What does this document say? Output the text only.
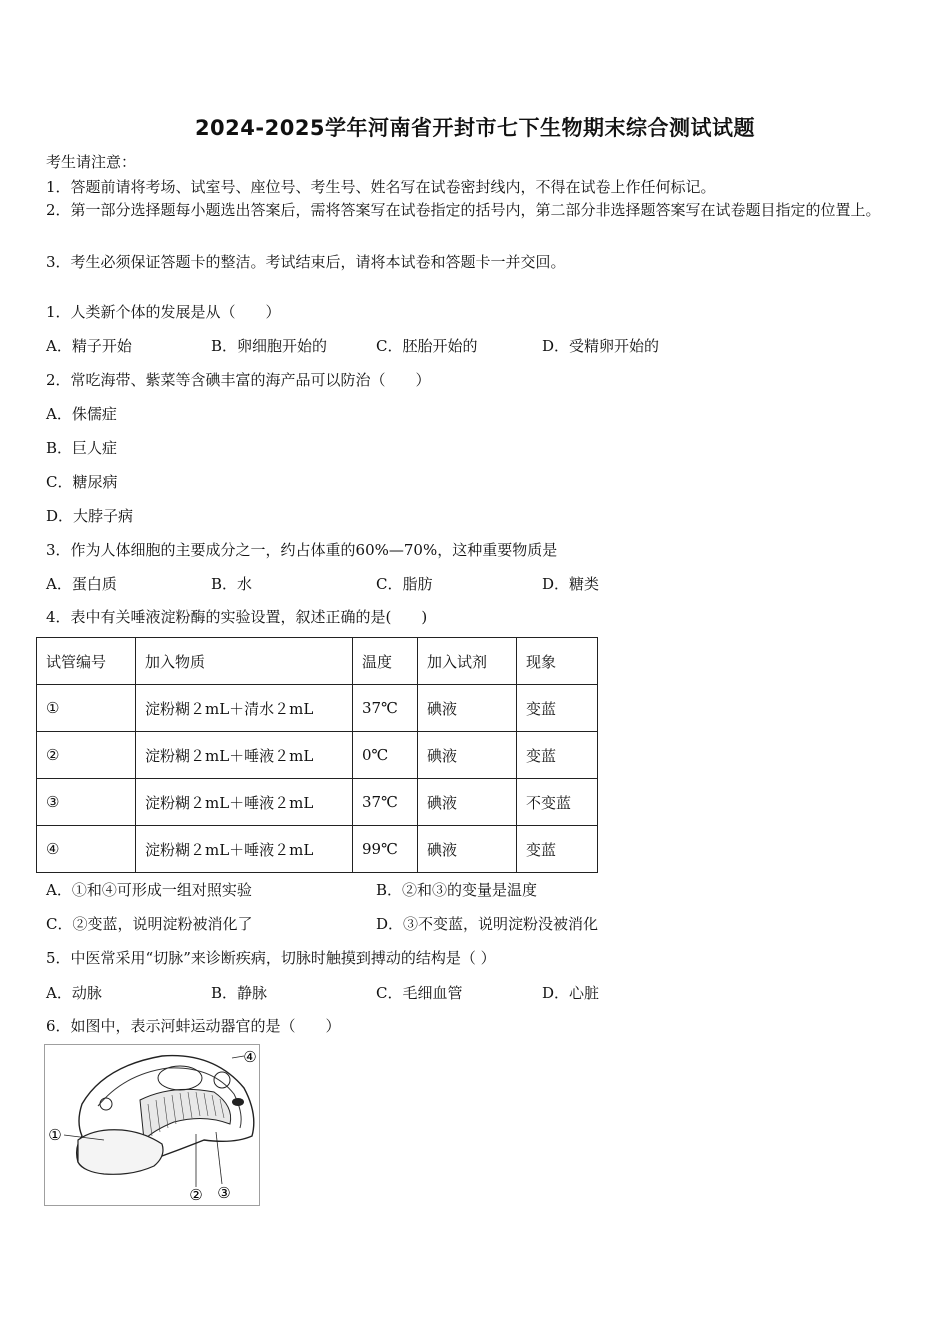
2024-2025学年河南省开封市七下生物期末综合测试试题
考生请注意：
1．答题前请将考场、试室号、座位号、考生号、姓名写在试卷密封线内，不得在试卷上作任何标记。
2．第一部分选择题每小题选出答案后，需将答案写在试卷指定的括号内，第二部分非选择题答案写在试卷题目指定的位置上。
3．考生必须保证答题卡的整洁。考试结束后，请将本试卷和答题卡一并交回。
1．人类新个体的发展是从（　　）
A．精子开始	B．卵细胞开始的	C．胚胎开始的	D．受精卵开始的
2．常吃海带、紫菜等含碘丰富的海产品可以防治（　　）
A．侏儒症
B．巨人症
C．糖尿病
D．大脖子病
3．作为人体细胞的主要成分之一，约占体重的60%—70%，这种重要物质是
A．蛋白质	B．水	C．脂肪	D．糖类
4．表中有关唾液淀粉酶的实验设置，叙述正确的是(　　)
试管编号	加入物质	温度	加入试剂	现象
①	淀粉糊２mL＋清水２mL	37℃	碘液	变蓝
②	淀粉糊２mL＋唾液２mL	0℃	碘液	变蓝
③	淀粉糊２mL＋唾液２mL	37℃	碘液	不变蓝
④	淀粉糊２mL＋唾液２mL	99℃	碘液	变蓝
A．①和④可形成一组对照实验	B．②和③的变量是温度
C．②变蓝，说明淀粉被消化了	D．③不变蓝，说明淀粉没被消化
5．中医常采用“切脉”来诊断疾病，切脉时触摸到搏动的结构是（ ）
A．动脉	B．静脉	C．毛细血管	D．心脏
6．如图中，表示河蚌运动器官的是（　　）
①
② ③
④
